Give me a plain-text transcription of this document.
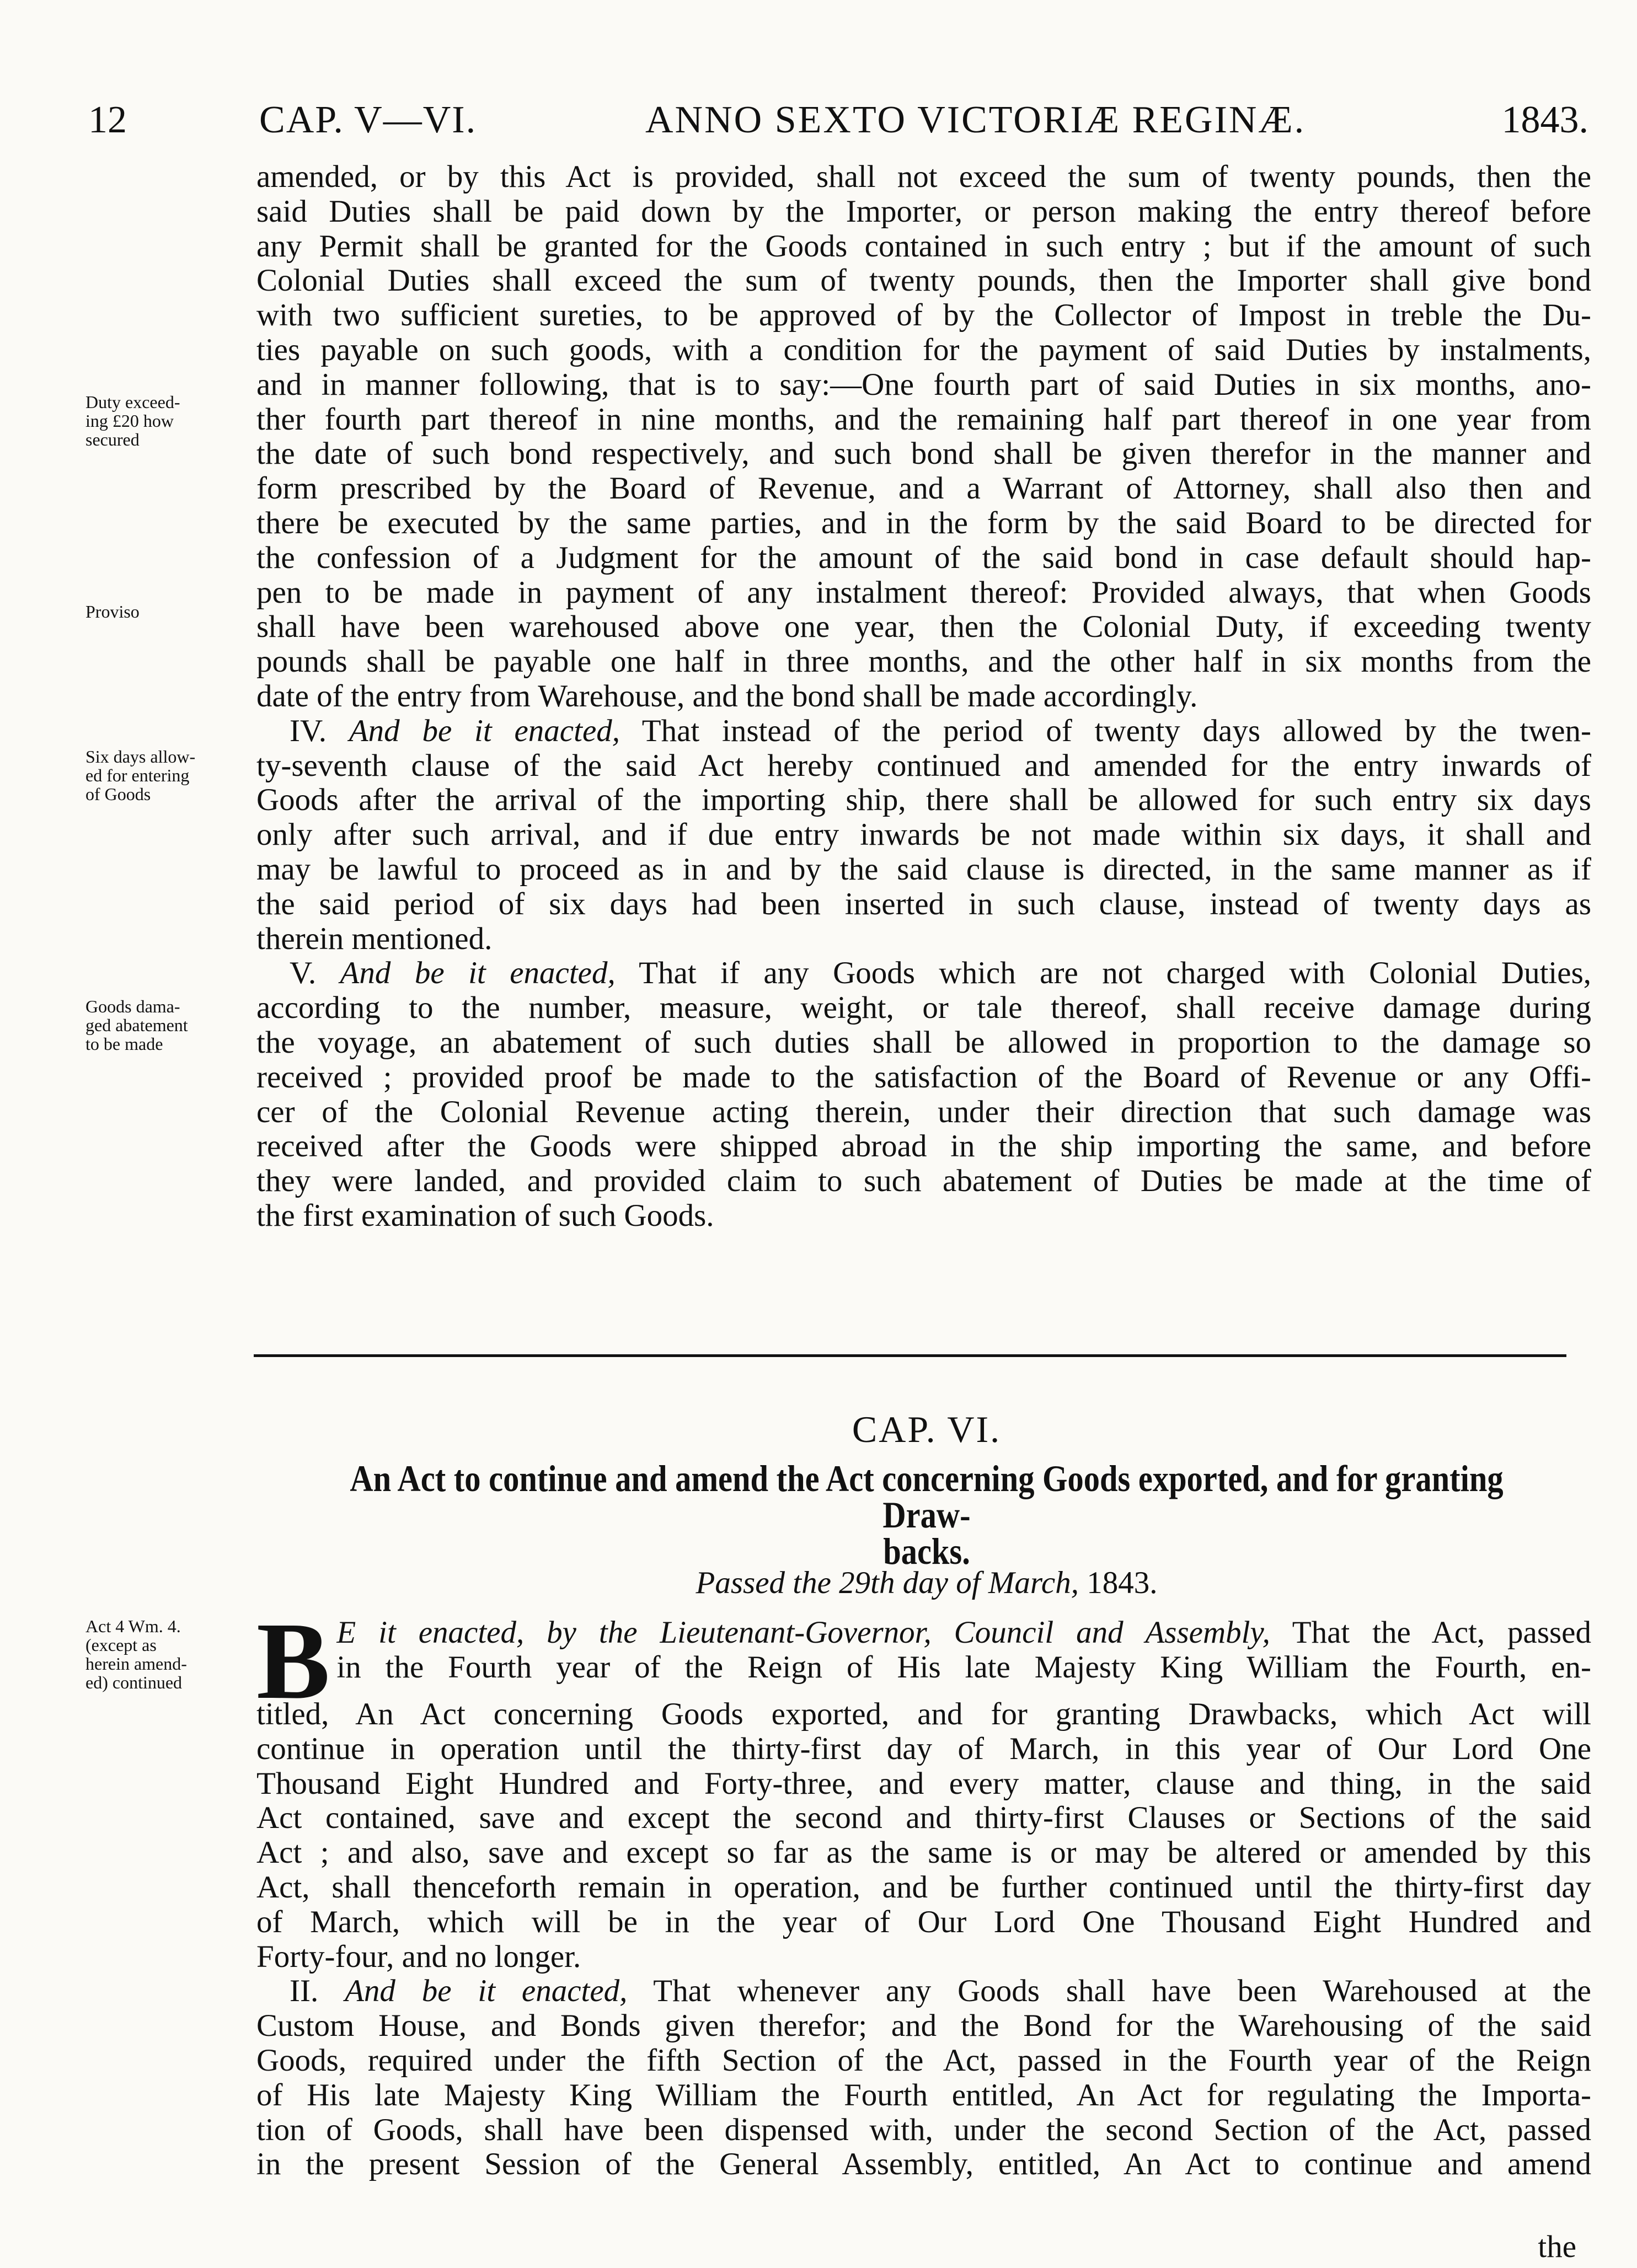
12	CAP. V—VI.	ANNO SEXTO VICTORIÆ REGINÆ.	1843.
Duty exceed-
ing £20 how
secured
Proviso
Six days allow-
ed for entering
of Goods
Goods dama-
ged abatement
to be made
Act 4 Wm. 4.
(except as
herein amend-
ed) continued
amended, or by this Act is provided, shall not exceed the sum of twenty pounds, then the
said Duties shall be paid down by the Importer, or person making the entry thereof before
any Permit shall be granted for the Goods contained in such entry ; but if the amount of such
Colonial Duties shall exceed the sum of twenty pounds, then the Importer shall give bond
with two sufficient sureties, to be approved of by the Collector of Impost in treble the Du-
ties payable on such goods, with a condition for the payment of said Duties by instalments,
and in manner following, that is to say:—One fourth part of said Duties in six months, ano-
ther fourth part thereof in nine months, and the remaining half part thereof in one year from
the date of such bond respectively, and such bond shall be given therefor in the manner and
form prescribed by the Board of Revenue, and a Warrant of Attorney, shall also then and
there be executed by the same parties, and in the form by the said Board to be directed for
the confession of a Judgment for the amount of the said bond in case default should hap-
pen to be made in payment of any instalment thereof: Provided always, that when Goods
shall have been warehoused above one year, then the Colonial Duty, if exceeding twenty
pounds shall be payable one half in three months, and the other half in six months from the
date of the entry from Warehouse, and the bond shall be made accordingly.
IV. And be it enacted, That instead of the period of twenty days allowed by the twen-
ty-seventh clause of the said Act hereby continued and amended for the entry inwards of
Goods after the arrival of the importing ship, there shall be allowed for such entry six days
only after such arrival, and if due entry inwards be not made within six days, it shall and
may be lawful to proceed as in and by the said clause is directed, in the same manner as if
the said period of six days had been inserted in such clause, instead of twenty days as
therein mentioned.
V. And be it enacted, That if any Goods which are not charged with Colonial Duties,
according to the number, measure, weight, or tale thereof, shall receive damage during
the voyage, an abatement of such duties shall be allowed in proportion to the damage so
received ; provided proof be made to the satisfaction of the Board of Revenue or any Offi-
cer of the Colonial Revenue acting therein, under their direction that such damage was
received after the Goods were shipped abroad in the ship importing the same, and before
they were landed, and provided claim to such abatement of Duties be made at the time of
the first examination of such Goods.
CAP. VI.
An Act to continue and amend the Act concerning Goods exported, and for granting Draw-
backs.
Passed the 29th day of March, 1843.
B E it enacted, by the Lieutenant-Governor, Council and Assembly, That the Act, passed
in the Fourth year of the Reign of His late Majesty King William the Fourth, en-
titled, An Act concerning Goods exported, and for granting Drawbacks, which Act will
continue in operation until the thirty-first day of March, in this year of Our Lord One
Thousand Eight Hundred and Forty-three, and every matter, clause and thing, in the said
Act contained, save and except the second and thirty-first Clauses or Sections of the said
Act ; and also, save and except so far as the same is or may be altered or amended by this
Act, shall thenceforth remain in operation, and be further continued until the thirty-first day
of March, which will be in the year of Our Lord One Thousand Eight Hundred and
Forty-four, and no longer.
II. And be it enacted, That whenever any Goods shall have been Warehoused at the
Custom House, and Bonds given therefor; and the Bond for the Warehousing of the said
Goods, required under the fifth Section of the Act, passed in the Fourth year of the Reign
of His late Majesty King William the Fourth entitled, An Act for regulating the Importa-
tion of Goods, shall have been dispensed with, under the second Section of the Act, passed
in the present Session of the General Assembly, entitled, An Act to continue and amend
the
